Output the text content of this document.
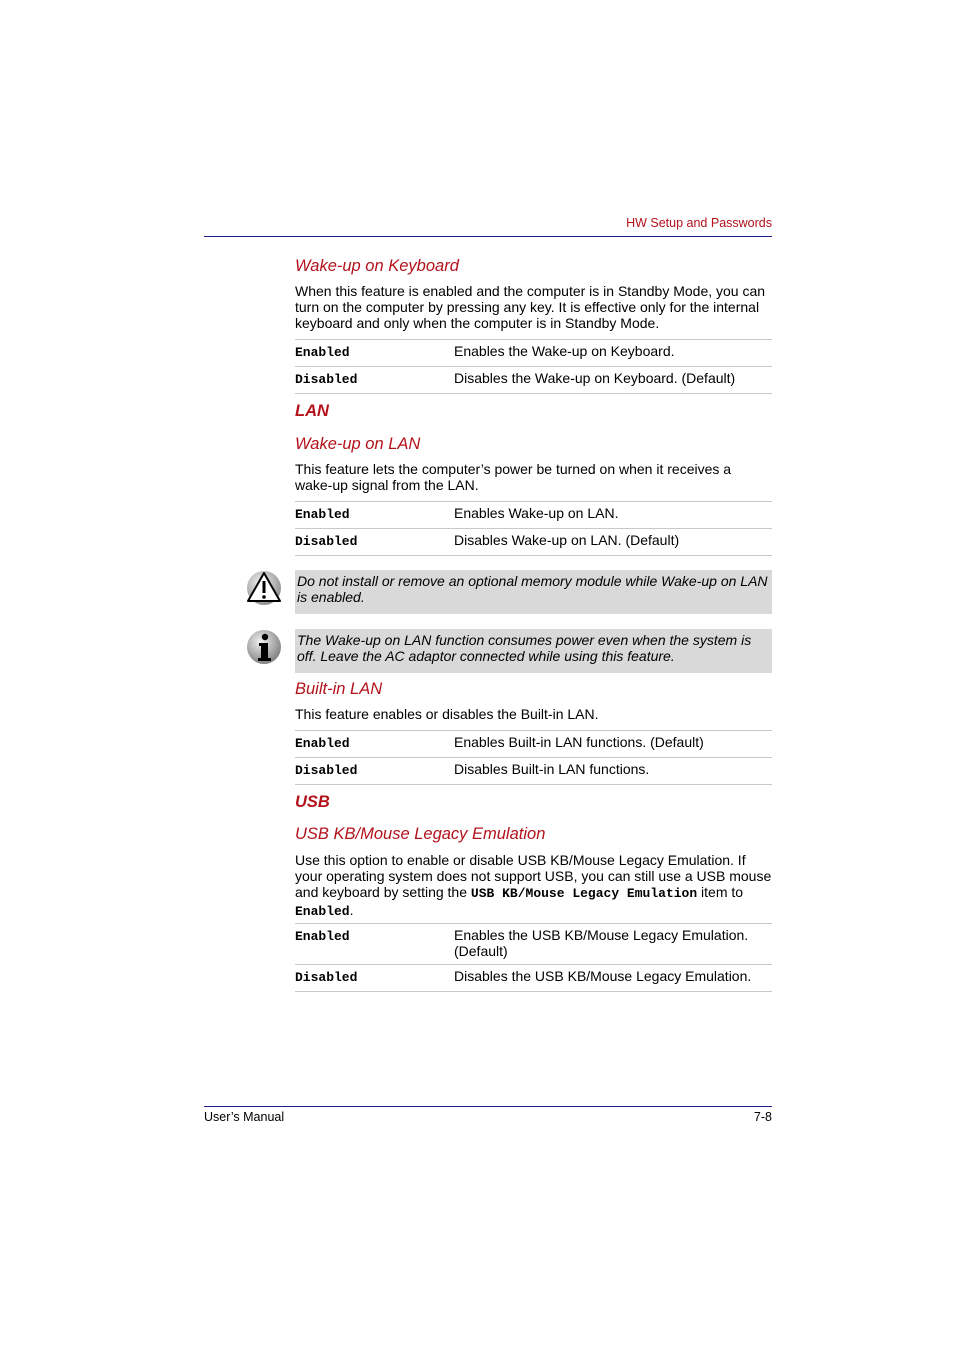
HW Setup and Passwords
Wake-up on Keyboard
When this feature is enabled and the computer is in Standby Mode, you can turn on the computer by pressing any key. It is effective only for the internal keyboard and only when the computer is in Standby Mode.
Enabled	Enables the Wake-up on Keyboard.
Disabled	Disables the Wake-up on Keyboard. (Default)
LAN
Wake-up on LAN
This feature lets the computer’s power be turned on when it receives a wake-up signal from the LAN.
Enabled	Enables Wake-up on LAN.
Disabled	Disables Wake-up on LAN. (Default)
Do not install or remove an optional memory module while Wake-up on LAN is enabled.
The Wake-up on LAN function consumes power even when the system is off. Leave the AC adaptor connected while using this feature.
Built-in LAN
This feature enables or disables the Built-in LAN.
Enabled	Enables Built-in LAN functions. (Default)
Disabled	Disables Built-in LAN functions.
USB
USB KB/Mouse Legacy Emulation
Use this option to enable or disable USB KB/Mouse Legacy Emulation. If your operating system does not support USB, you can still use a USB mouse and keyboard by setting the USB KB/Mouse Legacy Emulation item to Enabled.
Enabled	Enables the USB KB/Mouse Legacy Emulation. (Default)
Disabled	Disables the USB KB/Mouse Legacy Emulation.
User’s Manual	7-8
